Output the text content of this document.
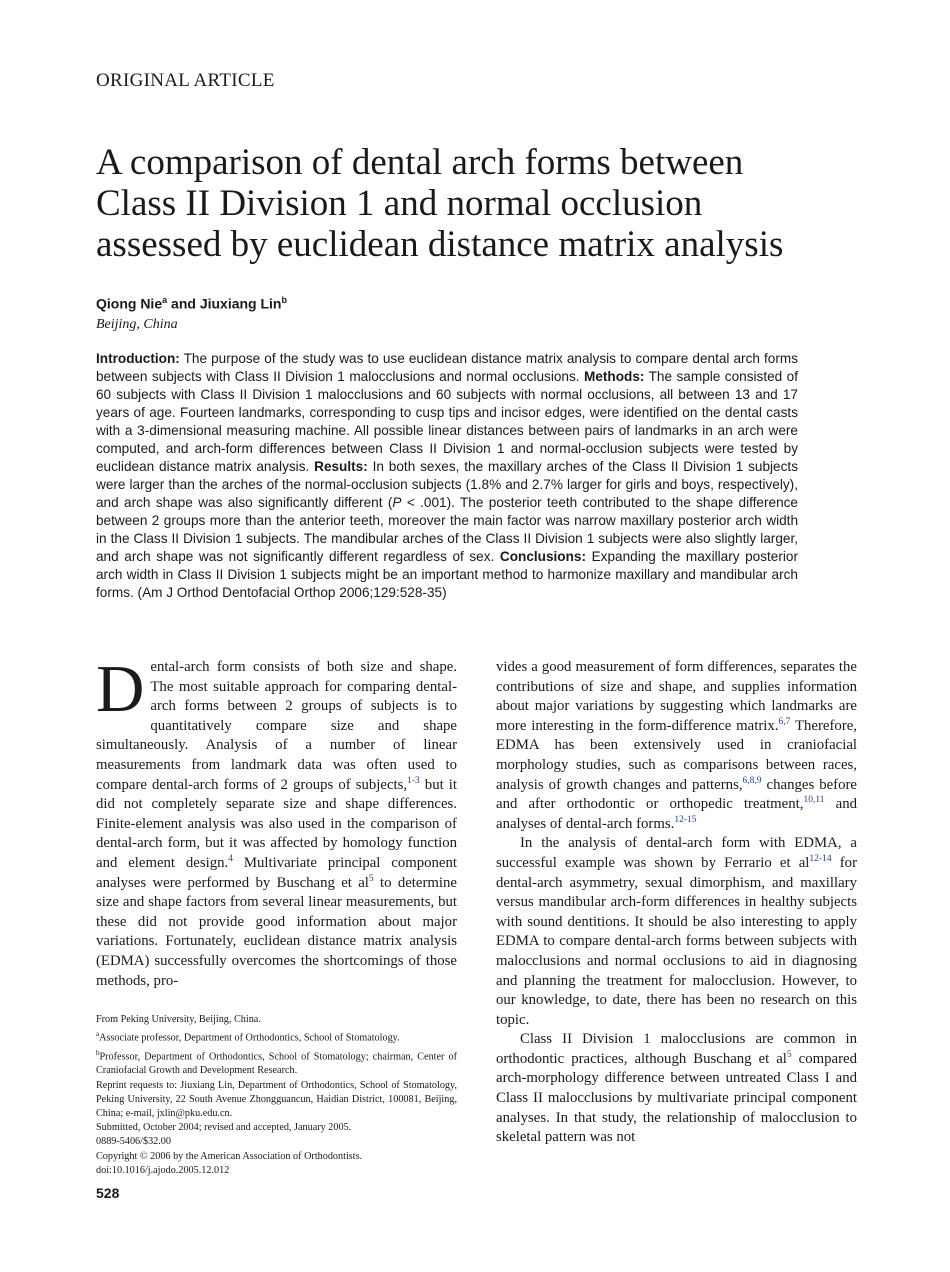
ORIGINAL ARTICLE
A comparison of dental arch forms between
Class II Division 1 and normal occlusion
assessed by euclidean distance matrix analysis
Qiong Nie$^a$ and Jiuxiang Lin$^b$
Beijing, China
Introduction: The purpose of the study was to use euclidean distance matrix analysis to compare dental arch forms between subjects with Class II Division 1 malocclusions and normal occlusions. Methods: The sample consisted of 60 subjects with Class II Division 1 malocclusions and 60 subjects with normal occlusions, all between 13 and 17 years of age. Fourteen landmarks, corresponding to cusp tips and incisor edges, were identified on the dental casts with a 3-dimensional measuring machine. All possible linear distances between pairs of landmarks in an arch were computed, and arch-form differences between Class II Division 1 and normal-occlusion subjects were tested by euclidean distance matrix analysis. Results: In both sexes, the maxillary arches of the Class II Division 1 subjects were larger than the arches of the normal-occlusion subjects (1.8% and 2.7% larger for girls and boys, respectively), and arch shape was also significantly different (P < .001). The posterior teeth contributed to the shape difference between 2 groups more than the anterior teeth, moreover the main factor was narrow maxillary posterior arch width in the Class II Division 1 subjects. The mandibular arches of the Class II Division 1 subjects were also slightly larger, and arch shape was not significantly different regardless of sex. Conclusions: Expanding the maxillary posterior arch width in Class II Division 1 subjects might be an important method to harmonize maxillary and mandibular arch forms. (Am J Orthod Dentofacial Orthop 2006;129:528-35)

Dental-arch form consists of both size and shape. The most suitable approach for comparing dental-arch forms between 2 groups of subjects is to quantitatively compare size and shape simultaneously. Analysis of a number of linear measurements from landmark data was often used to compare dental-arch forms of 2 groups of subjects,$^{1-3}$ but it did not completely separate size and shape differences. Finite-element analysis was also used in the comparison of dental-arch form, but it was affected by homology function and element design.$^4$ Multivariate principal component analyses were performed by Buschang et al$^5$ to determine size and shape factors from several linear measurements, but these did not provide good information about major variations. Fortunately, euclidean distance matrix analysis (EDMA) successfully overcomes the shortcomings of those methods, pro-

vides a good measurement of form differences, separates the contributions of size and shape, and supplies information about major variations by suggesting which landmarks are more interesting in the form-difference matrix.$^{6,7}$ Therefore, EDMA has been extensively used in craniofacial morphology studies, such as comparisons between races, analysis of growth changes and patterns,$^{6,8,9}$ changes before and after orthodontic or orthopedic treatment,$^{10,11}$ and analyses of dental-arch forms.$^{12-15}$

In the analysis of dental-arch form with EDMA, a successful example was shown by Ferrario et al$^{12-14}$ for dental-arch asymmetry, sexual dimorphism, and maxillary versus mandibular arch-form differences in healthy subjects with sound dentitions. It should be also interesting to apply EDMA to compare dental-arch forms between subjects with malocclusions and normal occlusions to aid in diagnosing and planning the treatment for malocclusion. However, to our knowledge, to date, there has been no research on this topic.

Class II Division 1 malocclusions are common in orthodontic practices, although Buschang et al$^5$ compared arch-morphology difference between untreated Class I and Class II malocclusions by multivariate principal component analyses. In that study, the relationship of malocclusion to skeletal pattern was not

From Peking University, Beijing, China.
$^a$Associate professor, Department of Orthodontics, School of Stomatology.
$^b$Professor, Department of Orthodontics, School of Stomatology; chairman, Center of Craniofacial Growth and Development Research.
Reprint requests to: Jiuxiang Lin, Department of Orthodontics, School of Stomatology, Peking University, 22 South Avenue Zhongguancun, Haidian District, 100081, Beijing, China; e-mail, jxlin@pku.edu.cn.
Submitted, October 2004; revised and accepted, January 2005.
0889-5406/$32.00
Copyright © 2006 by the American Association of Orthodontists.
doi:10.1016/j.ajodo.2005.12.012
528
